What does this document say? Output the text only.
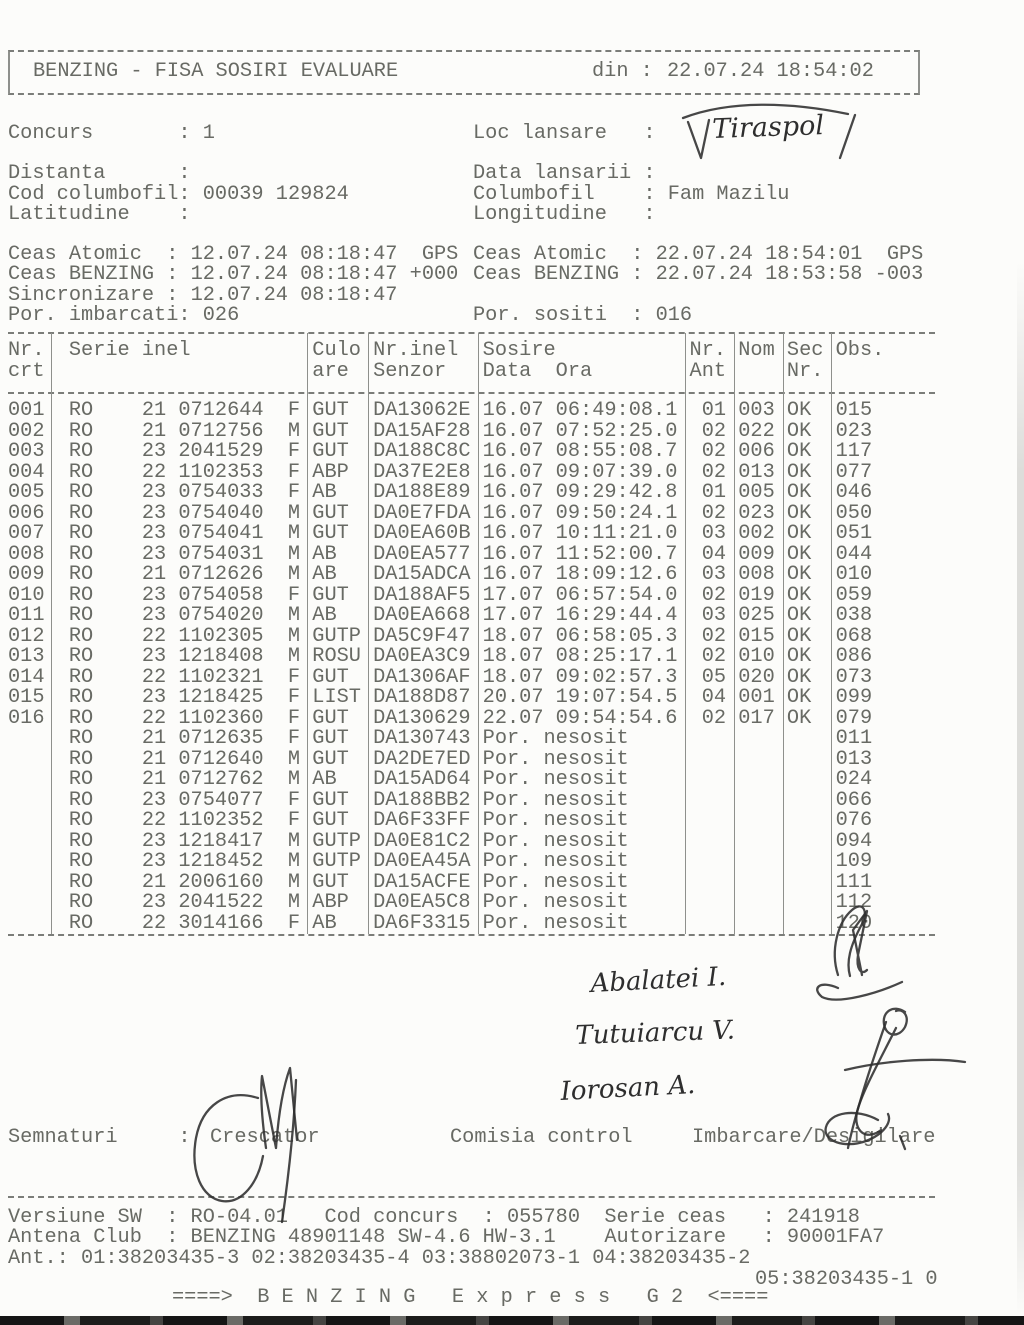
BENZING - FISA SOSIRI EVALUARE	din : 22.07.24 18:54:02
Concurs       : 1
Distanta      :
Cod columbofil: 00039 129824
Latitudine    :
Loc lansare   :
Data lansarii :
Columbofil    : Fam Mazilu
Longitudine   :
Ceas Atomic  : 12.07.24 08:18:47  GPS
Ceas BENZING : 12.07.24 08:18:47 +000
Sincronizare : 12.07.24 08:18:47
Por. imbarcati: 026
Ceas Atomic  : 22.07.24 18:54:01  GPS
Ceas BENZING : 22.07.24 18:53:58 -003
Por. sositi  : 016
Nr.  Serie inel          Culo Nr.inel  Sosire           Nr. Nom Sec Obs.
crt                      are  Senzor   Data  Ora        Ant     Nr.
001  RO    21 0712644  F GUT  DA13062E 16.07 06:49:08.1  01 003 OK  015
002  RO    21 0712756  M GUT  DA15AF28 16.07 07:52:25.0  02 022 OK  023
003  RO    23 2041529  F GUT  DA188C8C 16.07 08:55:08.7  02 006 OK  117
004  RO    22 1102353  F ABP  DA37E2E8 16.07 09:07:39.0  02 013 OK  077
005  RO    23 0754033  F AB   DA188E89 16.07 09:29:42.8  01 005 OK  046
006  RO    23 0754040  M GUT  DA0E7FDA 16.07 09:50:24.1  02 023 OK  050
007  RO    23 0754041  M GUT  DA0EA60B 16.07 10:11:21.0  03 002 OK  051
008  RO    23 0754031  M AB   DA0EA577 16.07 11:52:00.7  04 009 OK  044
009  RO    21 0712626  M AB   DA15ADCA 16.07 18:09:12.6  03 008 OK  010
010  RO    23 0754058  F GUT  DA188AF5 17.07 06:57:54.0  02 019 OK  059
011  RO    23 0754020  M AB   DA0EA668 17.07 16:29:44.4  03 025 OK  038
012  RO    22 1102305  M GUTP DA5C9F47 18.07 06:58:05.3  02 015 OK  068
013  RO    23 1218408  M ROSU DA0EA3C9 18.07 08:25:17.1  02 010 OK  086
014  RO    22 1102321  F GUT  DA1306AF 18.07 09:02:57.3  05 020 OK  073
015  RO    23 1218425  F LIST DA188D87 20.07 19:07:54.5  04 001 OK  099
016  RO    22 1102360  F GUT  DA130629 22.07 09:54:54.6  02 017 OK  079
RO    21 0712635  F GUT  DA130743 Por. nesosit                 011
RO    21 0712640  M GUT  DA2DE7ED Por. nesosit                 013
RO    21 0712762  M AB   DA15AD64 Por. nesosit                 024
RO    23 0754077  F GUT  DA188BB2 Por. nesosit                 066
RO    22 1102352  F GUT  DA6F33FF Por. nesosit                 076
RO    23 1218417  M GUTP DA0E81C2 Por. nesosit                 094
RO    23 1218452  M GUTP DA0EA45A Por. nesosit                 109
RO    21 2006160  M GUT  DA15ACFE Por. nesosit                 111
RO    23 2041522  M ABP  DA0EA5C8 Por. nesosit                 112
RO    22 3014166  F AB   DA6F3315 Por. nesosit                 120
Semnaturi     : Crescator	Comisia control	Imbarcare/Desigilare
Versiune SW  : RO-04.01   Cod concurs  : 055780  Serie ceas   : 241918
Antena Club  : BENZING 48901148 SW-4.6 HW-3.1    Autorizare   : 90001FA7
Ant.: 01:38203435-3 02:38203435-4 03:38802073-1 04:38203435-2
05:38203435-1 0
====>  B E N Z I N G   E x p r e s s   G 2  <====
Tiraspol
Abalatei I.
Tutuiarcu V.
Iorosan A.
